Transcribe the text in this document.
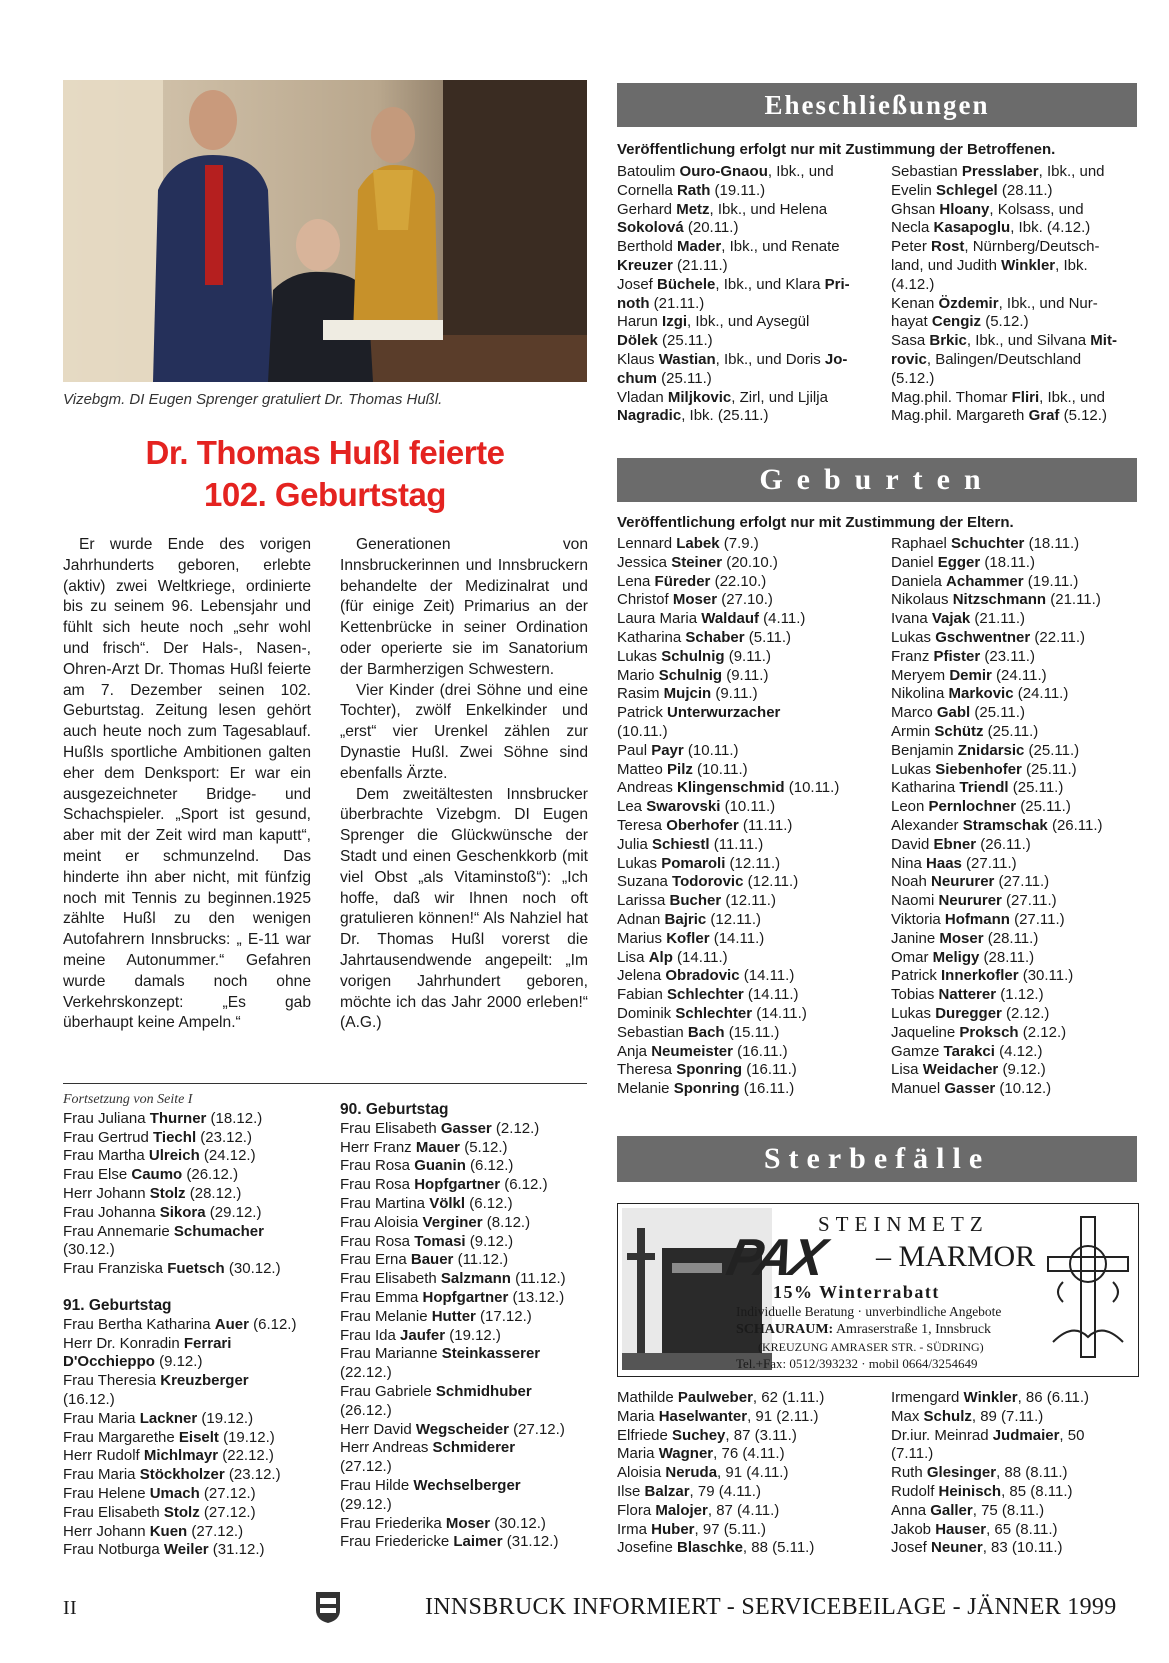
Vizebgm. DI Eugen Sprenger gratuliert Dr. Thomas Hußl.
Dr. Thomas Hußl feierte
102. Geburtstag

Er wurde Ende des vorigen Jahrhunderts geboren, erlebte (aktiv) zwei Weltkriege, ordinierte bis zu seinem 96. Lebensjahr und fühlt sich heute noch „sehr wohl und frisch“. Der Hals-, Nasen-, Ohren-Arzt Dr. Thomas Hußl feierte am 7. Dezember seinen 102. Geburtstag. Zeitung lesen gehört auch heute noch zum Tagesablauf. Hußls sportliche Ambitionen galten eher dem Denksport: Er war ein ausgezeichneter Bridge- und Schachspieler. „Sport ist gesund, aber mit der Zeit wird man kaputt“, meint er schmunzelnd. Das hinderte ihn aber nicht, mit fünfzig noch mit Tennis zu beginnen.1925 zählte Hußl zu den wenigen Autofahrern Innsbrucks: „ E-11 war meine Autonummer.“ Gefahren wurde damals noch ohne Verkehrskonzept: „Es gab überhaupt keine Ampeln.“

Generationen von Innsbruckerinnen und Innsbruckern behandelte der Medizinalrat und (für einige Zeit) Primarius an der Kettenbrücke in seiner Ordination oder operierte sie im Sanatorium der Barmherzigen Schwestern.

Vier Kinder (drei Söhne und eine Tochter), zwölf Enkelkinder und „erst“ vier Urenkel zählen zur Dynastie Hußl. Zwei Söhne sind ebenfalls Ärzte.

Dem zweitältesten Innsbrucker überbrachte Vizebgm. DI Eugen Sprenger die Glückwünsche der Stadt und einen Geschenkkorb (mit viel Obst „als Vitaminstoß“): „Ich hoffe, daß wir Ihnen noch oft gratulieren können!“ Als Nahziel hat Dr. Thomas Hußl vorerst die Jahrtausendwende angepeilt: „Im vorigen Jahrhundert geboren, möchte ich das Jahr 2000 erleben!“ (A.G.)

Fortsetzung von Seite I
Frau Juliana Thurner (18.12.)
Frau Gertrud Tiechl (23.12.)
Frau Martha Ulreich (24.12.)
Frau Else Caumo (26.12.)
Herr Johann Stolz (28.12.)
Frau Johanna Sikora (29.12.)
Frau Annemarie Schumacher
(30.12.)
Frau Franziska Fuetsch (30.12.)
91. Geburtstag
Frau Bertha Katharina Auer (6.12.)
Herr Dr. Konradin Ferrari
D'Occhieppo (9.12.)
Frau Theresia Kreuzberger
(16.12.)
Frau Maria Lackner (19.12.)
Frau Margarethe Eiselt (19.12.)
Herr Rudolf Michlmayr (22.12.)
Frau Maria Stöckholzer (23.12.)
Frau Helene Umach (27.12.)
Frau Elisabeth Stolz (27.12.)
Herr Johann Kuen (27.12.)
Frau Notburga Weiler (31.12.)
90. Geburtstag
Frau Elisabeth Gasser (2.12.)
Herr Franz Mauer (5.12.)
Frau Rosa Guanin (6.12.)
Frau Rosa Hopfgartner (6.12.)
Frau Martina Völkl (6.12.)
Frau Aloisia Verginer (8.12.)
Frau Rosa Tomasi (9.12.)
Frau Erna Bauer (11.12.)
Frau Elisabeth Salzmann (11.12.)
Frau Emma Hopfgartner (13.12.)
Frau Melanie Hutter (17.12.)
Frau Ida Jaufer (19.12.)
Frau Marianne Steinkasserer
(22.12.)
Frau Gabriele Schmidhuber
(26.12.)
Herr David Wegscheider (27.12.)
Herr Andreas Schmiderer
(27.12.)
Frau Hilde Wechselberger
(29.12.)
Frau Friederika Moser (30.12.)
Frau Friedericke Laimer (31.12.)
Eheschließungen
Veröffentlichung erfolgt nur mit Zustimmung der Betroffenen.
Batoulim Ouro-Gnaou, Ibk., und
Cornella Rath (19.11.)
Gerhard Metz, Ibk., und Helena
Sokolová (20.11.)
Berthold Mader, Ibk., und Renate
Kreuzer (21.11.)
Josef Büchele, Ibk., und Klara Pri-
noth (21.11.)
Harun Izgi, Ibk., und Aysegül
Dölek (25.11.)
Klaus Wastian, Ibk., und Doris Jo-
chum (25.11.)
Vladan Miljkovic, Zirl, und Ljilja
Nagradic, Ibk. (25.11.)
Sebastian Presslaber, Ibk., und
Evelin Schlegel (28.11.)
Ghsan Hloany, Kolsass, und
Necla Kasapoglu, Ibk. (4.12.)
Peter Rost, Nürnberg/Deutsch-
land, und Judith Winkler, Ibk.
(4.12.)
Kenan Özdemir, Ibk., und Nur-
hayat Cengiz (5.12.)
Sasa Brkic, Ibk., und Silvana Mit-
rovic, Balingen/Deutschland
(5.12.)
Mag.phil. Thomar Fliri, Ibk., und
Mag.phil. Margareth Graf (5.12.)
Geburten
Veröffentlichung erfolgt nur mit Zustimmung der Eltern.
Lennard Labek (7.9.)
Jessica Steiner (20.10.)
Lena Füreder (22.10.)
Christof Moser (27.10.)
Laura Maria Waldauf (4.11.)
Katharina Schaber (5.11.)
Lukas Schulnig (9.11.)
Mario Schulnig (9.11.)
Rasim Mujcin (9.11.)
Patrick Unterwurzacher
(10.11.)
Paul Payr (10.11.)
Matteo Pilz (10.11.)
Andreas Klingenschmid (10.11.)
Lea Swarovski (10.11.)
Teresa Oberhofer (11.11.)
Julia Schiestl (11.11.)
Lukas Pomaroli (12.11.)
Suzana Todorovic (12.11.)
Larissa Bucher (12.11.)
Adnan Bajric (12.11.)
Marius Kofler (14.11.)
Lisa Alp (14.11.)
Jelena Obradovic (14.11.)
Fabian Schlechter (14.11.)
Dominik Schlechter (14.11.)
Sebastian Bach (15.11.)
Anja Neumeister (16.11.)
Theresa Sponring (16.11.)
Melanie Sponring (16.11.)
Raphael Schuchter (18.11.)
Daniel Egger (18.11.)
Daniela Achammer (19.11.)
Nikolaus Nitzschmann (21.11.)
Ivana Vajak (21.11.)
Lukas Gschwentner (22.11.)
Franz Pfister (23.11.)
Meryem Demir (24.11.)
Nikolina Markovic (24.11.)
Marco Gabl (25.11.)
Armin Schütz (25.11.)
Benjamin Znidarsic (25.11.)
Lukas Siebenhofer (25.11.)
Katharina Triendl (25.11.)
Leon Pernlochner (25.11.)
Alexander Stramschak (26.11.)
David Ebner (26.11.)
Nina Haas (27.11.)
Noah Neururer (27.11.)
Naomi Neururer (27.11.)
Viktoria Hofmann (27.11.)
Janine Moser (28.11.)
Omar Meligy (28.11.)
Patrick Innerkofler (30.11.)
Tobias Natterer (1.12.)
Lukas Duregger (2.12.)
Jaqueline Proksch (2.12.)
Gamze Tarakci (4.12.)
Lisa Weidacher (9.12.)
Manuel Gasser (10.12.)
Sterbefälle
STEINMETZ
PAX – MARMOR
15% Winterrabatt
Individuelle Beratung · unverbindliche Angebote
SCHAURAUM: Amraserstraße 1, Innsbruck
(KREUZUNG AMRASER STR. - SÜDRING)
Tel.+Fax: 0512/393232 · mobil 0664/3254649
Mathilde Paulweber, 62 (1.11.)
Maria Haselwanter, 91 (2.11.)
Elfriede Suchey, 87 (3.11.)
Maria Wagner, 76 (4.11.)
Aloisia Neruda, 91 (4.11.)
Ilse Balzar, 79 (4.11.)
Flora Malojer, 87 (4.11.)
Irma Huber, 97 (5.11.)
Josefine Blaschke, 88 (5.11.)
Irmengard Winkler, 86 (6.11.)
Max Schulz, 89 (7.11.)
Dr.iur. Meinrad Judmaier, 50
(7.11.)
Ruth Glesinger, 88 (8.11.)
Rudolf Heinisch, 85 (8.11.)
Anna Galler, 75 (8.11.)
Jakob Hauser, 65 (8.11.)
Josef Neuner, 83 (10.11.)
II	INNSBRUCK INFORMIERT - SERVICEBEILAGE - JÄNNER 1999
